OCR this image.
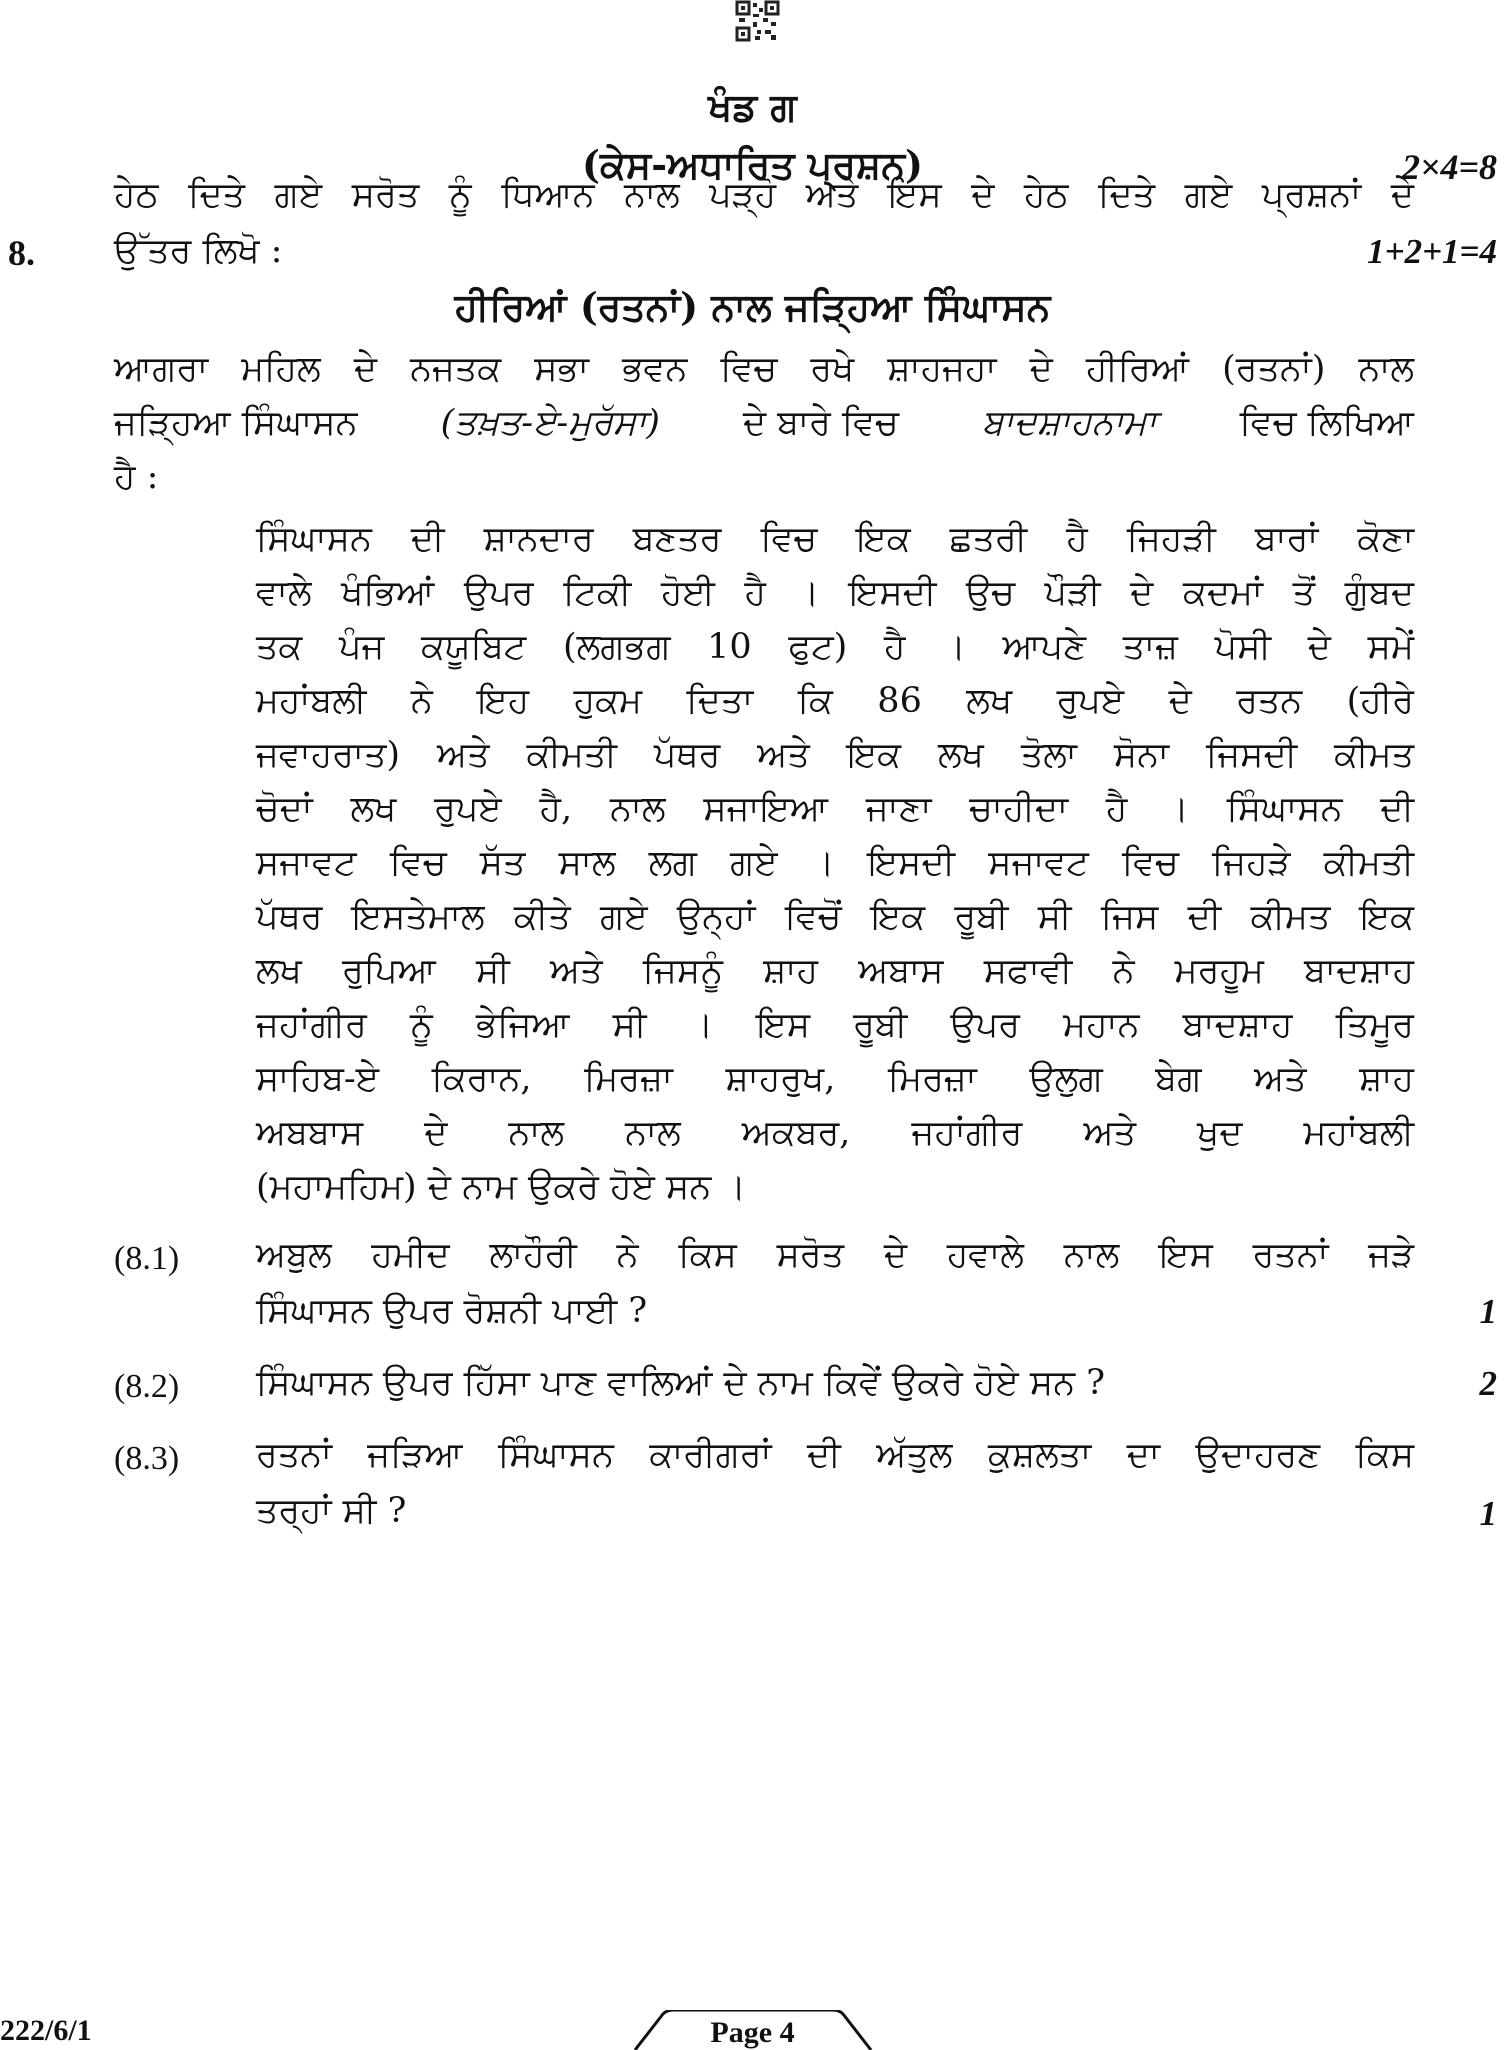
ਖੰਡ ਗ
(ਕੇਸ-ਅਧਾਰਿਤ ਪ੍ਰਸ਼ਨ)	2×4=8
8.
ਹੇਠ ਦਿਤੇ ਗਏ ਸਰੋਤ ਨੂੰ ਧਿਆਨ ਨਾਲ ਪੜ੍ਹੋ ਅਤੇ ਇਸ ਦੇ ਹੇਠ ਦਿਤੇ ਗਏ ਪ੍ਰਸ਼ਨਾਂ ਦੇ
ਉੱਤਰ ਲਿਖੋ :	1+2+1=4
ਹੀਰਿਆਂ (ਰਤਨਾਂ) ਨਾਲ ਜੜ੍ਹਿਆ ਸਿੰਘਾਸਨ
ਆਗਰਾ ਮਹਿਲ ਦੇ ਨਜਤਕ ਸਭਾ ਭਵਨ ਵਿਚ ਰਖੇ ਸ਼ਾਹਜਹਾ ਦੇ ਹੀਰਿਆਂ (ਰਤਨਾਂ) ਨਾਲ
ਜੜ੍ਹਿਆ ਸਿੰਘਾਸਨ (ਤਖ਼ਤ-ਏ-ਮੁਰੱਸਾ) ਦੇ ਬਾਰੇ ਵਿਚ ਬਾਦਸ਼ਾਹਨਾਮਾ ਵਿਚ ਲਿਖਿਆ
ਹੈ :
ਸਿੰਘਾਸਨ ਦੀ ਸ਼ਾਨਦਾਰ ਬਣਤਰ ਵਿਚ ਇਕ ਛਤਰੀ ਹੈ ਜਿਹੜੀ ਬਾਰਾਂ ਕੋਣਾ
ਵਾਲੇ ਖੰਭਿਆਂ ਉਪਰ ਟਿਕੀ ਹੋਈ ਹੈ । ਇਸਦੀ ਉਚ ਪੌੜੀ ਦੇ ਕਦਮਾਂ ਤੋਂ ਗੁੰਬਦ
ਤਕ ਪੰਜ ਕਯੂਬਿਟ (ਲਗਭਗ 10 ਫੁਟ) ਹੈ । ਆਪਣੇ ਤਾਜ਼ ਪੋਸੀ ਦੇ ਸਮੇਂ
ਮਹਾਂਬਲੀ ਨੇ ਇਹ ਹੁਕਮ ਦਿਤਾ ਕਿ 86 ਲਖ ਰੁਪਏ ਦੇ ਰਤਨ (ਹੀਰੇ
ਜਵਾਹਰਾਤ) ਅਤੇ ਕੀਮਤੀ ਪੱਥਰ ਅਤੇ ਇਕ ਲਖ ਤੋਲਾ ਸੋਨਾ ਜਿਸਦੀ ਕੀਮਤ
ਚੋਦਾਂ ਲਖ ਰੁਪਏ ਹੈ, ਨਾਲ ਸਜਾਇਆ ਜਾਣਾ ਚਾਹੀਦਾ ਹੈ । ਸਿੰਘਾਸਨ ਦੀ
ਸਜਾਵਟ ਵਿਚ ਸੱਤ ਸਾਲ ਲਗ ਗਏ । ਇਸਦੀ ਸਜਾਵਟ ਵਿਚ ਜਿਹੜੇ ਕੀਮਤੀ
ਪੱਥਰ ਇਸਤੇਮਾਲ ਕੀਤੇ ਗਏ ਉਨ੍ਹਾਂ ਵਿਚੋਂ ਇਕ ਰੂਬੀ ਸੀ ਜਿਸ ਦੀ ਕੀਮਤ ਇਕ
ਲਖ ਰੁਪਿਆ ਸੀ ਅਤੇ ਜਿਸਨੂੰ ਸ਼ਾਹ ਅਬਾਸ ਸਫਾਵੀ ਨੇ ਮਰਹੂਮ ਬਾਦਸ਼ਾਹ
ਜਹਾਂਗੀਰ ਨੂੰ ਭੇਜਿਆ ਸੀ । ਇਸ ਰੂਬੀ ਉਪਰ ਮਹਾਨ ਬਾਦਸ਼ਾਹ ਤਿਮੂਰ
ਸਾਹਿਬ-ਏ ਕਿਰਾਨ, ਮਿਰਜ਼ਾ ਸ਼ਾਹਰੁਖ, ਮਿਰਜ਼ਾ ਉਲੁਗ ਬੇਗ ਅਤੇ ਸ਼ਾਹ
ਅਬਬਾਸ ਦੇ ਨਾਲ ਨਾਲ ਅਕਬਰ, ਜਹਾਂਗੀਰ ਅਤੇ ਖੁਦ ਮਹਾਂਬਲੀ
(ਮਹਾਮਹਿਮ) ਦੇ ਨਾਮ ਉਕਰੇ ਹੋਏ ਸਨ ।
(8.1) ਅਬੁਲ ਹਮੀਦ ਲਾਹੌਰੀ ਨੇ ਕਿਸ ਸਰੋਤ ਦੇ ਹਵਾਲੇ ਨਾਲ ਇਸ ਰਤਨਾਂ ਜੜੇ
ਸਿੰਘਾਸਨ ਉਪਰ ਰੋਸ਼ਨੀ ਪਾਈ ?	1
(8.2) ਸਿੰਘਾਸਨ ਉਪਰ ਹਿੱਸਾ ਪਾਣ ਵਾਲਿਆਂ ਦੇ ਨਾਮ ਕਿਵੇਂ ਉਕਰੇ ਹੋਏ ਸਨ ?	2
(8.3) ਰਤਨਾਂ ਜੜਿਆ ਸਿੰਘਾਸਨ ਕਾਰੀਗਰਾਂ ਦੀ ਅੱਤੁਲ ਕੁਸ਼ਲਤਾ ਦਾ ਉਦਾਹਰਣ ਕਿਸ
ਤਰ੍ਹਾਂ ਸੀ ?	1
222/6/1	Page 4
